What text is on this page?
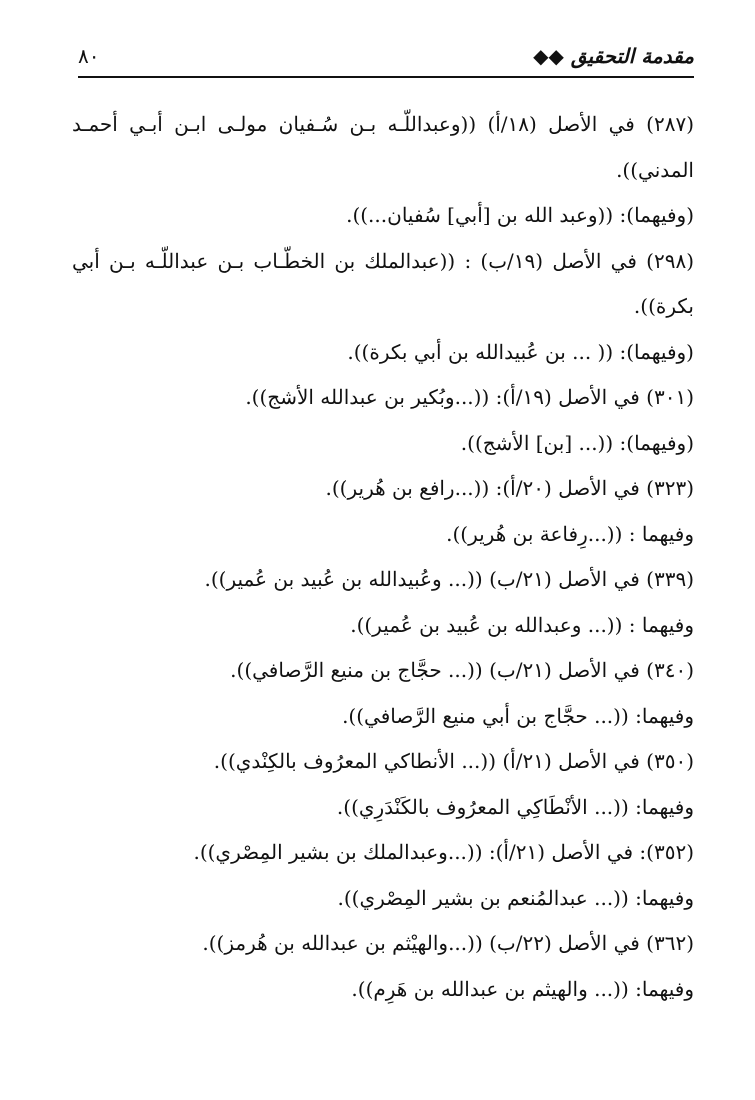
مقدمة التحقيق ◆◆
٨٠

(٢٨٧) في الأصل (١٨/أ) ((وعبداللّـه بـن سُـفيان مولـى ابـن أبـي أحمـد المدني)).

(وفيهما): ((وعبد الله بن [أبي] سُفيان...)).

(٢٩٨) في الأصل (١٩/ب) : ((عبدالملك بن الخطّـاب بـن عبداللّـه بـن أبي بكرة)).

(وفيهما): (( ... بن عُبيدالله بن أبي بكرة)).

(٣٠١) في الأصل (١٩/أ): ((...وبُكير بن عبدالله الأشج)).

(وفيهما): ((... [بن] الأشج)).

(٣٢٣) في الأصل (٢٠/أ): ((...رافع بن هُرير)).

وفيهما : ((...رِفاعة بن هُرير)).

(٣٣٩) في الأصل (٢١/ب) ((... وعُبيدالله بن عُبيد بن عُمير)).

وفيهما : ((... وعبدالله بن عُبيد بن عُمير)).

(٣٤٠) في الأصل (٢١/ب) ((... حجَّاج بن منيع الرَّصافي)).

وفيهما: ((... حجَّاج بن أبي منيع الرَّصافي)).

(٣٥٠) في الأصل (٢١/أ) ((... الأنطاكي المعرُوف بالكِنْدي)).

وفيهما: ((... الأنْطَاكِي المعرُوف بالكَنْدَرِي)).

(٣٥٢): في الأصل (٢١/أ): ((...وعبدالملك بن بشير المِصْري)).

وفيهما: ((... عبدالمُنعم بن بشير المِصْري)).

(٣٦٢) في الأصل (٢٢/ب) ((...والهيْثم بن عبدالله بن هُرمز)).

وفيهما: ((... والهيثم بن عبدالله بن هَرِم)).
